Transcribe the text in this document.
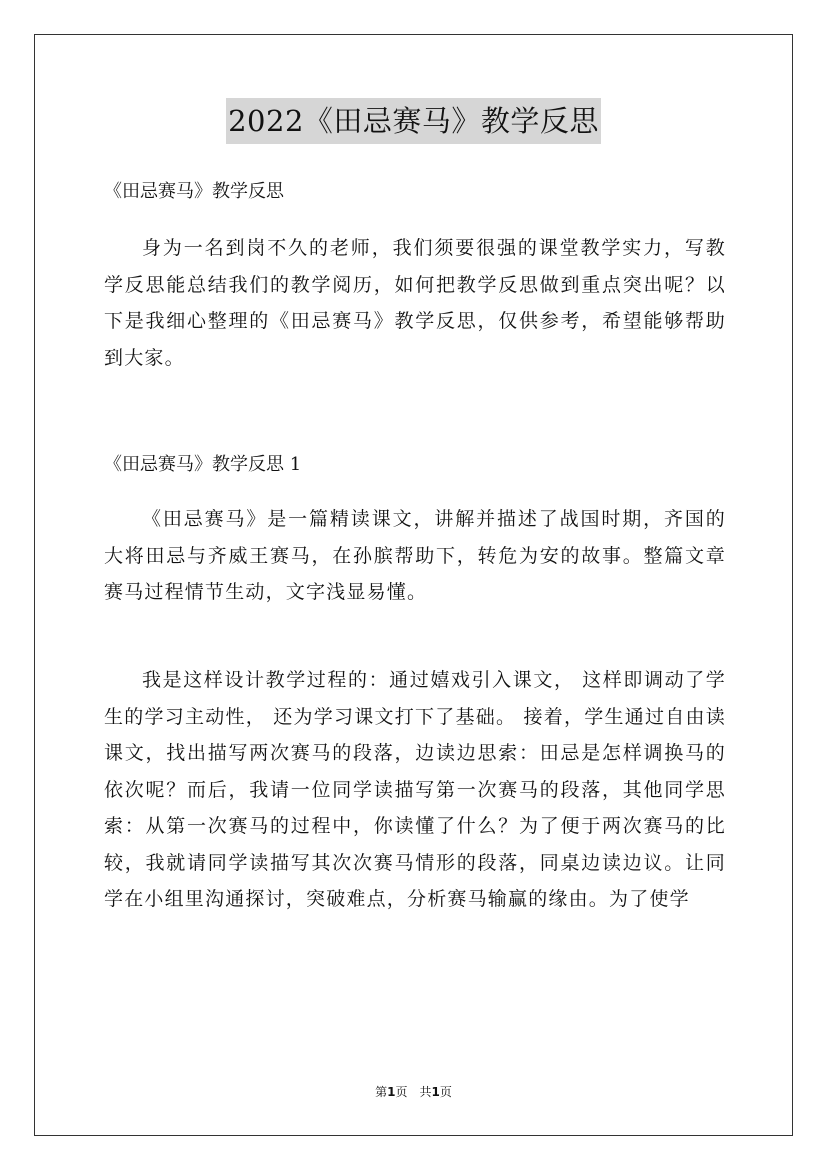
2022《田忌赛马》教学反思

《田忌赛马》教学反思

身为一名到岗不久的老师，我们须要很强的课堂教学实力，写教学反思能总结我们的教学阅历，如何把教学反思做到重点突出呢？以下是我细心整理的《田忌赛马》教学反思，仅供参考，希望能够帮助到大家。

《田忌赛马》教学反思 1

《田忌赛马》是一篇精读课文，讲解并描述了战国时期，齐国的大将田忌与齐威王赛马，在孙膑帮助下，转危为安的故事。整篇文章赛马过程情节生动，文字浅显易懂。

我是这样设计教学过程的：通过嬉戏引入课文， 这样即调动了学生的学习主动性， 还为学习课文打下了基础。 接着，学生通过自由读课文，找出描写两次赛马的段落，边读边思索：田忌是怎样调换马的依次呢？而后，我请一位同学读描写第一次赛马的段落，其他同学思索：从第一次赛马的过程中，你读懂了什么？为了便于两次赛马的比较，我就请同学读描写其次次赛马情形的段落，同桌边读边议。让同学在小组里沟通探讨，突破难点，分析赛马输赢的缘由。为了使学

第1页　共1页
